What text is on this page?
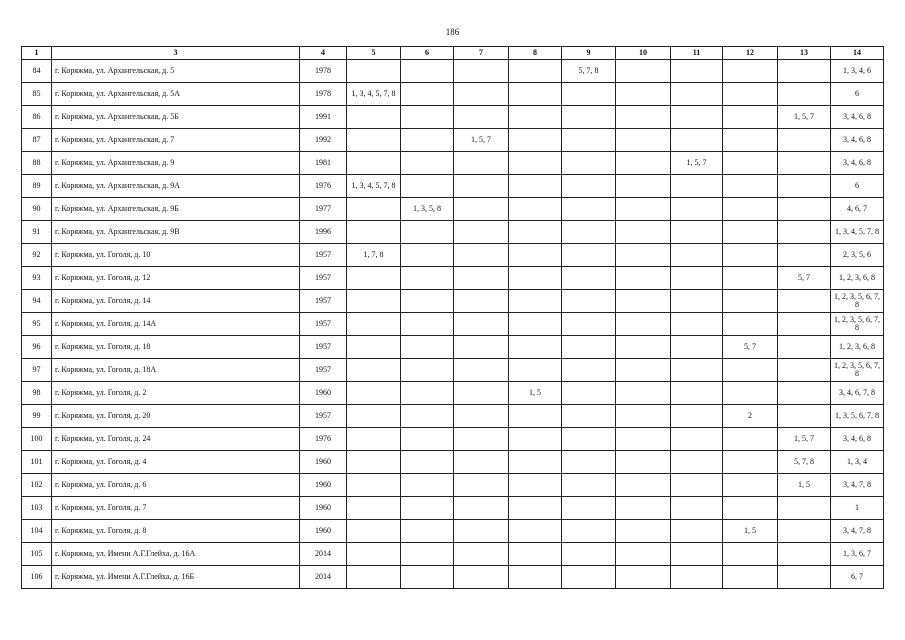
186
1	3	4	5	6	7	8	9	10	11	12	13	14
84	г. Коряжма, ул. Архангельская, д. 5	1978					5, 7, 8					1, 3, 4, 6
85	г. Коряжма, ул. Архангельская, д. 5А	1978	1, 3, 4, 5, 7, 8									6
86	г. Коряжма, ул. Архангельская, д. 5Б	1991									1, 5, 7	3, 4, 6, 8
87	г. Коряжма, ул. Архангельская, д. 7	1992			1, 5, 7							3, 4, 6, 8
88	г. Коряжма, ул. Архангельская, д. 9	1981							1, 5, 7			3, 4, 6, 8
89	г. Коряжма, ул. Архангельская, д. 9А	1976	1, 3, 4, 5, 7, 8									6
90	г. Коряжма, ул. Архангельская, д. 9Б	1977		1, 3, 5, 8								4, 6, 7
91	г. Коряжма, ул. Архангельская, д. 9В	1996										1, 3, 4, 5, 7, 8
92	г. Коряжма, ул. Гоголя, д. 10	1957	1, 7, 8									2, 3, 5, 6
93	г. Коряжма, ул. Гоголя, д. 12	1957									5, 7	1, 2, 3, 6, 8
94	г. Коряжма, ул. Гоголя, д. 14	1957										1, 2, 3, 5, 6, 7, 8
95	г. Коряжма, ул. Гоголя, д. 14А	1957										1, 2, 3, 5, 6, 7, 8
96	г. Коряжма, ул. Гоголя, д. 18	1957								5, 7		1, 2, 3, 6, 8
97	г. Коряжма, ул. Гоголя, д. 18А	1957										1, 2, 3, 5, 6, 7, 8
98	г. Коряжма, ул. Гоголя, д. 2	1960				1, 5						3, 4, 6, 7, 8
99	г. Коряжма, ул. Гоголя, д. 20	1957								2		1, 3, 5, 6, 7, 8
100	г. Коряжма, ул. Гоголя, д. 24	1976									1, 5, 7	3, 4, 6, 8
101	г. Коряжма, ул. Гоголя, д. 4	1960									5, 7, 8	1, 3, 4
102	г. Коряжма, ул. Гоголя, д. 6	1960									1, 5	3, 4, 7, 8
103	г. Коряжма, ул. Гоголя, д. 7	1960										1
104	г. Коряжма, ул. Гоголя, д. 8	1960								1, 5		3, 4, 7, 8
105	г. Коряжма, ул. Имени А.Г.Глейха, д. 16А	2014										1, 3, 6, 7
106	г. Коряжма, ул. Имени А.Г.Глейха, д. 16Б	2014										6, 7
